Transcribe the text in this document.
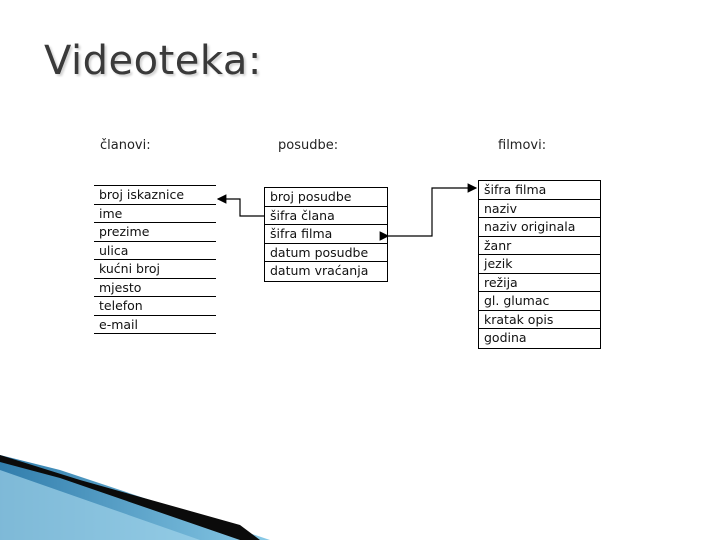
Videoteka:
članovi:	posudbe:	filmovi:
broj iskaznice
ime
prezime
ulica
kućni broj
mjesto
telefon
e-mail
broj posudbe
šifra člana
šifra filma
datum posudbe
datum vraćanja
šifra filma
naziv
naziv originala
žanr
jezik
režija
gl. glumac
kratak opis
godina
